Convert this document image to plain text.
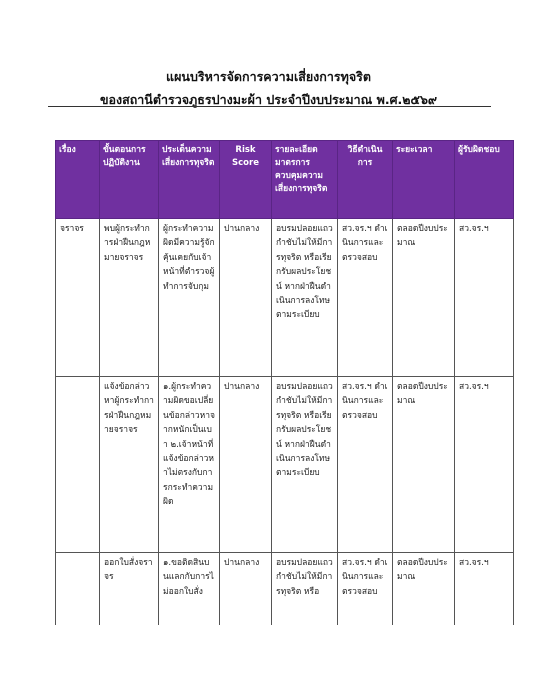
แผนบริหารจัดการความเสี่ยงการทุจริต
ของสถานีตำรวจภูธรปางมะผ้า ประจำปีงบประมาณ พ.ศ.๒๕๖๙
เรื่อง	ขั้นตอนการปฏิบัติงาน	ประเด็นความเสี่ยงการทุจริต	Risk Score	รายละเอียดมาตรการควบคุมความเสี่ยงการทุจริต	วิธีดำเนินการ	ระยะเวลา	ผู้รับผิดชอบ
จราจร	พบผู้กระทำการฝ่าฝืนกฎหมายจราจร	ผู้กระทำความผิดมีความรู้จักคุ้นเคยกับเจ้าหน้าที่ตำรวจผู้ทำการจับกุม	ปานกลาง	อบรมปลอยแถวกำชับไม่ให้มีการทุจริต หรือเรียกรับผลประโยชน์ หากฝ่าฝืนดำเนินการลงโทษตามระเบียบ	สว.จร.ฯ ดำเนินการและตรวจสอบ	ตลอดปีงบประมาณ	สว.จร.ฯ
	แจ้งข้อกล่าวหาผู้กระทำการฝ่าฝืนกฎหมายจราจร	๑.ผู้กระทำความผิดขอเปลี่ยนข้อกล่าวหาจากหนักเป็นเบา ๒.เจ้าหน้าที่แจ้งข้อกล่าวหาไม่ตรงกับการกระทำความผิด	ปานกลาง	อบรมปลอยแถวกำชับไม่ให้มีการทุจริต หรือเรียกรับผลประโยชน์ หากฝ่าฝืนดำเนินการลงโทษตามระเบียบ	สว.จร.ฯ ดำเนินการและตรวจสอบ	ตลอดปีงบประมาณ	สว.จร.ฯ
	ออกใบสั่งจราจร	๑.ขอติดสินบนแลกกับการไม่ออกใบสั่ง	ปานกลาง	อบรมปลอยแถวกำชับไม่ให้มีการทุจริต หรือ	สว.จร.ฯ ดำเนินการและตรวจสอบ	ตลอดปีงบประมาณ	สว.จร.ฯ
